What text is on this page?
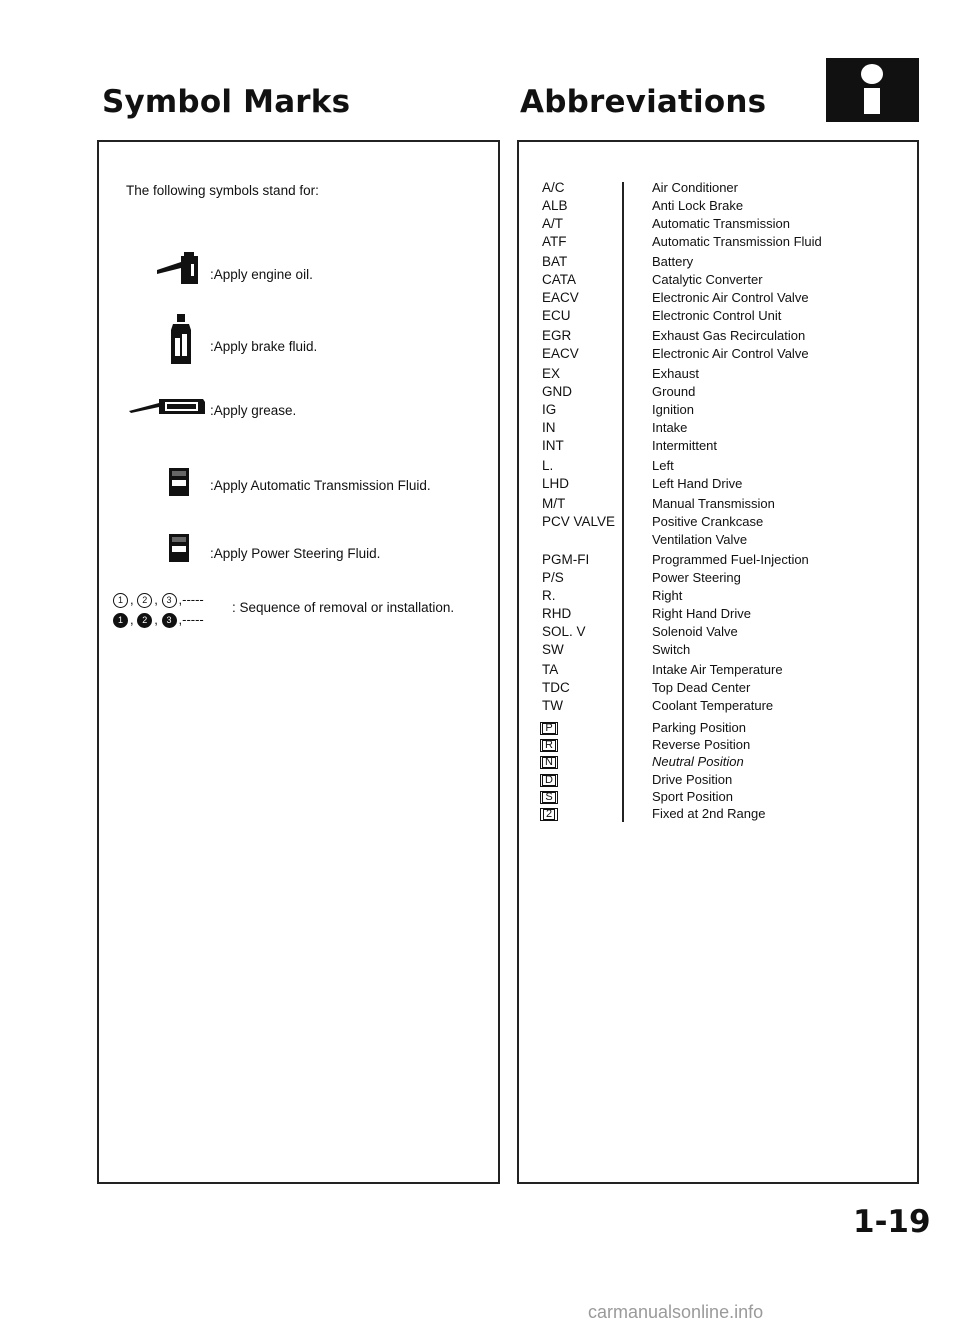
Symbol Marks	Abbreviations
The following symbols stand for:
:Apply engine oil.
:Apply brake fluid.
:Apply grease.
:Apply Automatic Transmission Fluid.
:Apply Power Steering Fluid.
1 , 2 , 3 ,-----
1 , 2 , 3 ,-----
: Sequence of removal or installation.
A/C	Air Conditioner
ALB	Anti Lock Brake
A/T	Automatic Transmission
ATF	Automatic Transmission Fluid
BAT	Battery
CATA	Catalytic Converter
EACV	Electronic Air Control Valve
ECU	Electronic Control Unit
EGR	Exhaust Gas Recirculation
EACV	Electronic Air Control Valve
EX	Exhaust
GND	Ground
IG	Ignition
IN	Intake
INT	Intermittent
L.	Left
LHD	Left Hand Drive
M/T	Manual Transmission
PCV VALVE	Positive Crankcase
Ventilation Valve
PGM-FI	Programmed Fuel-Injection
P/S	Power Steering
R.	Right
RHD	Right Hand Drive
SOL. V	Solenoid Valve
SW	Switch
TA	Intake Air Temperature
TDC	Top Dead Center
TW	Coolant Temperature
P	Parking Position
R	Reverse Position
N	Neutral Position
D	Drive Position
S	Sport Position
2	Fixed at 2nd Range
1-19
carmanualsonline.info
